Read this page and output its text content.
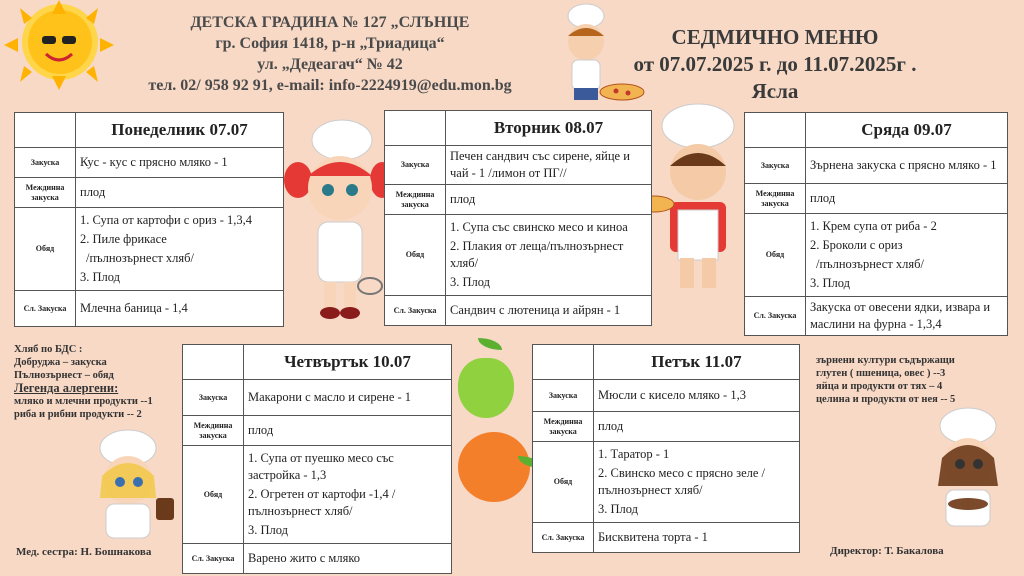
ДЕТСКА ГРАДИНА № 127 „СЛЪНЦЕ
гр. София 1418, р-н „Триадица“
ул. „Дедеагач“ № 42
тел. 02/ 958 92 91, e-mail: info-2224919@edu.mon.bg
СЕДМИЧНО МЕНЮ
от 07.07.2025 г. до 11.07.2025г .
Ясла
	Понеделник 07.07
Закуска	Кус - кус с прясно мляко - 1
Междинна закуска	плод
Обяд	1. Супа от картофи с ориз - 1,3,4
2. Пиле фрикасе
/пълнозърнест хляб/
3. Плод

Сл. Закуска	Млечна баница - 1,4
	Вторник 08.07
Закуска	Печен сандвич със сирене, яйце и чай - 1 /лимон от ПГ//
Междинна закуска	плод
Обяд	1. Супа със свинско месо и киноа
2. Плакия от леща/пълнозърнест хляб/
3. Плод

Сл. Закуска	Сандвич с лютеница и айрян - 1
	Сряда 09.07
Закуска	Зърнена закуска с прясно мляко - 1
Междинна закуска	плод
Обяд	1. Крем супа от риба - 2
2. Броколи с ориз
/пълнозърнест хляб/
3. Плод

Сл. Закуска	Закуска от овесени ядки, извара и маслини на фурна - 1,3,4
	Четвъртък 10.07
Закуска	Макарони с масло и сирене - 1
Междинна закуска	плод
Обяд	1. Супа от пуешко месо със застройка - 1,3
2. Огретен от картофи -1,4 /пълнозърнест хляб/
3. Плод

Сл. Закуска	Варено жито с мляко
	Петък 11.07
Закуска	Мюсли с кисело мляко - 1,3
Междинна закуска	плод
Обяд	1. Таратор - 1
2. Свинско месо с прясно зеле /пълнозърнест хляб/
3. Плод

Сл. Закуска	Бисквитена торта - 1
Хляб по БДС :
Добруджа – закуска
Пълнозърнест – обяд
Легенда алергени:
мляко и млечни продукти --1
риба и рибни продукти -- 2
зърнени култури съдържащи
глутен ( пшеница, овес ) --3
яйца и продукти от тях – 4
целина и продукти от нея -- 5
Мед. сестра: Н. Бошнакова	Директор: Т. Бакалова
